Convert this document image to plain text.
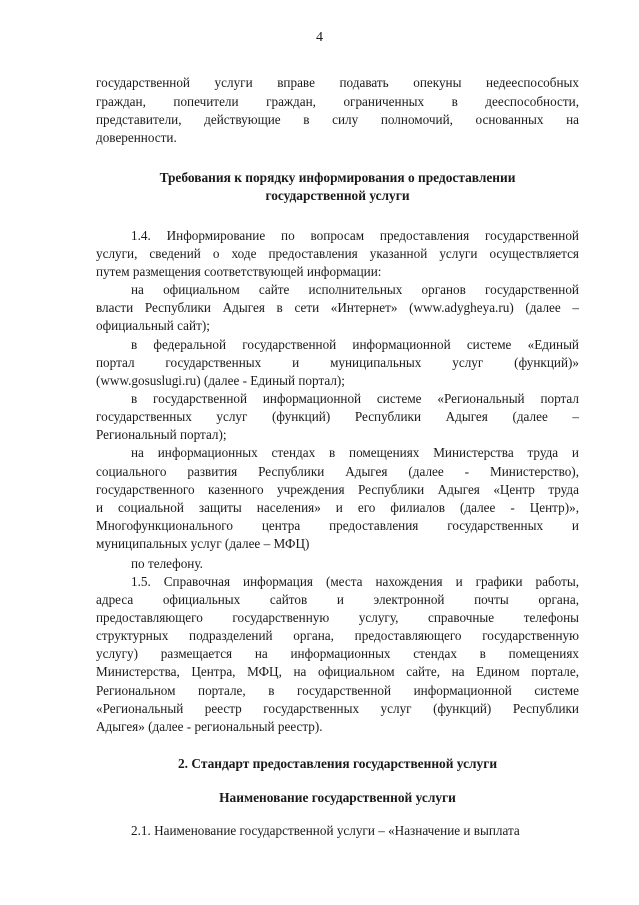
4
государственной услуги вправе подавать опекуны недееспособных
граждан, попечители граждан, ограниченных в дееспособности,
представители, действующие в силу полномочий, основанных на
доверенности.
Требования к порядку информирования о предоставлении
государственной услуги
1.4. Информирование по вопросам предоставления государственной
услуги, сведений о ходе предоставления указанной услуги осуществляется
путем размещения соответствующей информации:
на официальном сайте исполнительных органов государственной
власти Республики Адыгея в сети «Интернет» (www.adygheya.ru) (далее –
официальный сайт);
в федеральной государственной информационной системе «Единый
портал государственных и муниципальных услуг (функций)»
(www.gosuslugi.ru) (далее - Единый портал);
в государственной информационной системе «Региональный портал
государственных услуг (функций) Республики Адыгея (далее –
Региональный портал);
на информационных стендах в помещениях Министерства труда и
социального развития Республики Адыгея (далее - Министерство),
государственного казенного учреждения Республики Адыгея «Центр труда
и социальной защиты населения» и его филиалов (далее - Центр)»,
Многофункционального центра предоставления государственных и
муниципальных услуг (далее – МФЦ)
по телефону.
1.5. Справочная информация (места нахождения и графики работы,
адреса официальных сайтов и электронной почты органа,
предоставляющего государственную услугу, справочные телефоны
структурных подразделений органа, предоставляющего государственную
услугу) размещается на информационных стендах в помещениях
Министерства, Центра, МФЦ, на официальном сайте, на Едином портале,
Региональном портале, в государственной информационной системе
«Региональный реестр государственных услуг (функций) Республики
Адыгея» (далее - региональный реестр).
2. Стандарт предоставления государственной услуги
Наименование государственной услуги
2.1. Наименование государственной услуги – «Назначение и выплата
